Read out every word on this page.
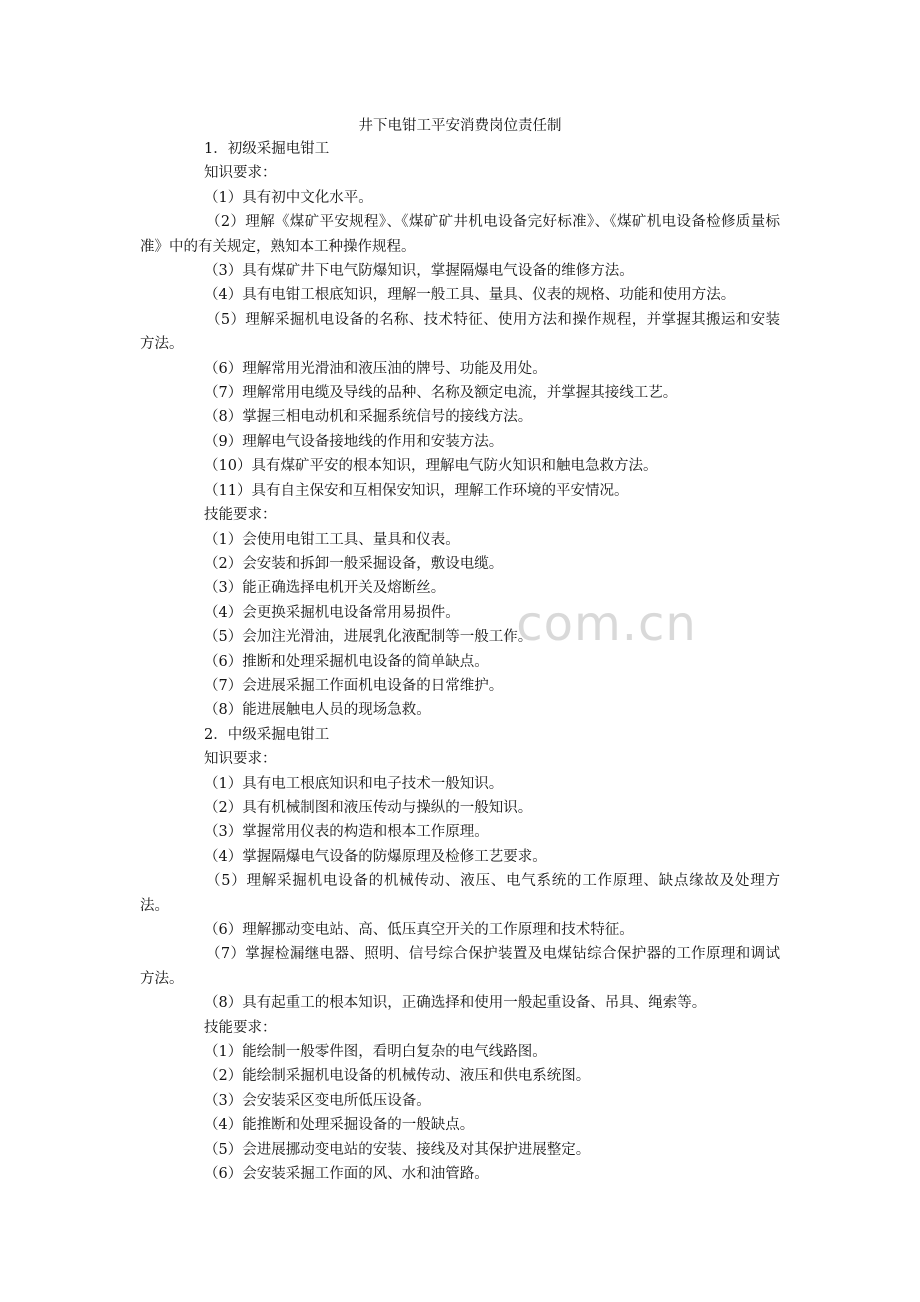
.com.cn
井下电钳工平安消费岗位责任制

1．初级采掘电钳工

知识要求：

（1）具有初中文化水平。

（2）理解《煤矿平安规程》、《煤矿矿井机电设备完好标准》、《煤矿机电设备检修质量标准》中的有关规定，熟知本工种操作规程。

（3）具有煤矿井下电气防爆知识，掌握隔爆电气设备的维修方法。

（4）具有电钳工根底知识，理解一般工具、量具、仪表的规格、功能和使用方法。

（5）理解采掘机电设备的名称、技术特征、使用方法和操作规程，并掌握其搬运和安装方法。

（6）理解常用光滑油和液压油的牌号、功能及用处。

（7）理解常用电缆及导线的品种、名称及额定电流，并掌握其接线工艺。

（8）掌握三相电动机和采掘系统信号的接线方法。

（9）理解电气设备接地线的作用和安装方法。

（10）具有煤矿平安的根本知识，理解电气防火知识和触电急救方法。

（11）具有自主保安和互相保安知识，理解工作环境的平安情况。

技能要求：

（1）会使用电钳工工具、量具和仪表。

（2）会安装和拆卸一般采掘设备，敷设电缆。

（3）能正确选择电机开关及熔断丝。

（4）会更换采掘机电设备常用易损件。

（5）会加注光滑油，进展乳化液配制等一般工作。

（6）推断和处理采掘机电设备的简单缺点。

（7）会进展采掘工作面机电设备的日常维护。

（8）能进展触电人员的现场急救。

2．中级采掘电钳工

知识要求：

（1）具有电工根底知识和电子技术一般知识。

（2）具有机械制图和液压传动与操纵的一般知识。

（3）掌握常用仪表的构造和根本工作原理。

（4）掌握隔爆电气设备的防爆原理及检修工艺要求。

（5）理解采掘机电设备的机械传动、液压、电气系统的工作原理、缺点缘故及处理方法。

（6）理解挪动变电站、高、低压真空开关的工作原理和技术特征。

（7）掌握检漏继电器、照明、信号综合保护装置及电煤钻综合保护器的工作原理和调试方法。

（8）具有起重工的根本知识，正确选择和使用一般起重设备、吊具、绳索等。

技能要求：

（1）能绘制一般零件图，看明白复杂的电气线路图。

（2）能绘制采掘机电设备的机械传动、液压和供电系统图。

（3）会安装采区变电所低压设备。

（4）能推断和处理采掘设备的一般缺点。

（5）会进展挪动变电站的安装、接线及对其保护进展整定。

（6）会安装采掘工作面的风、水和油管路。
